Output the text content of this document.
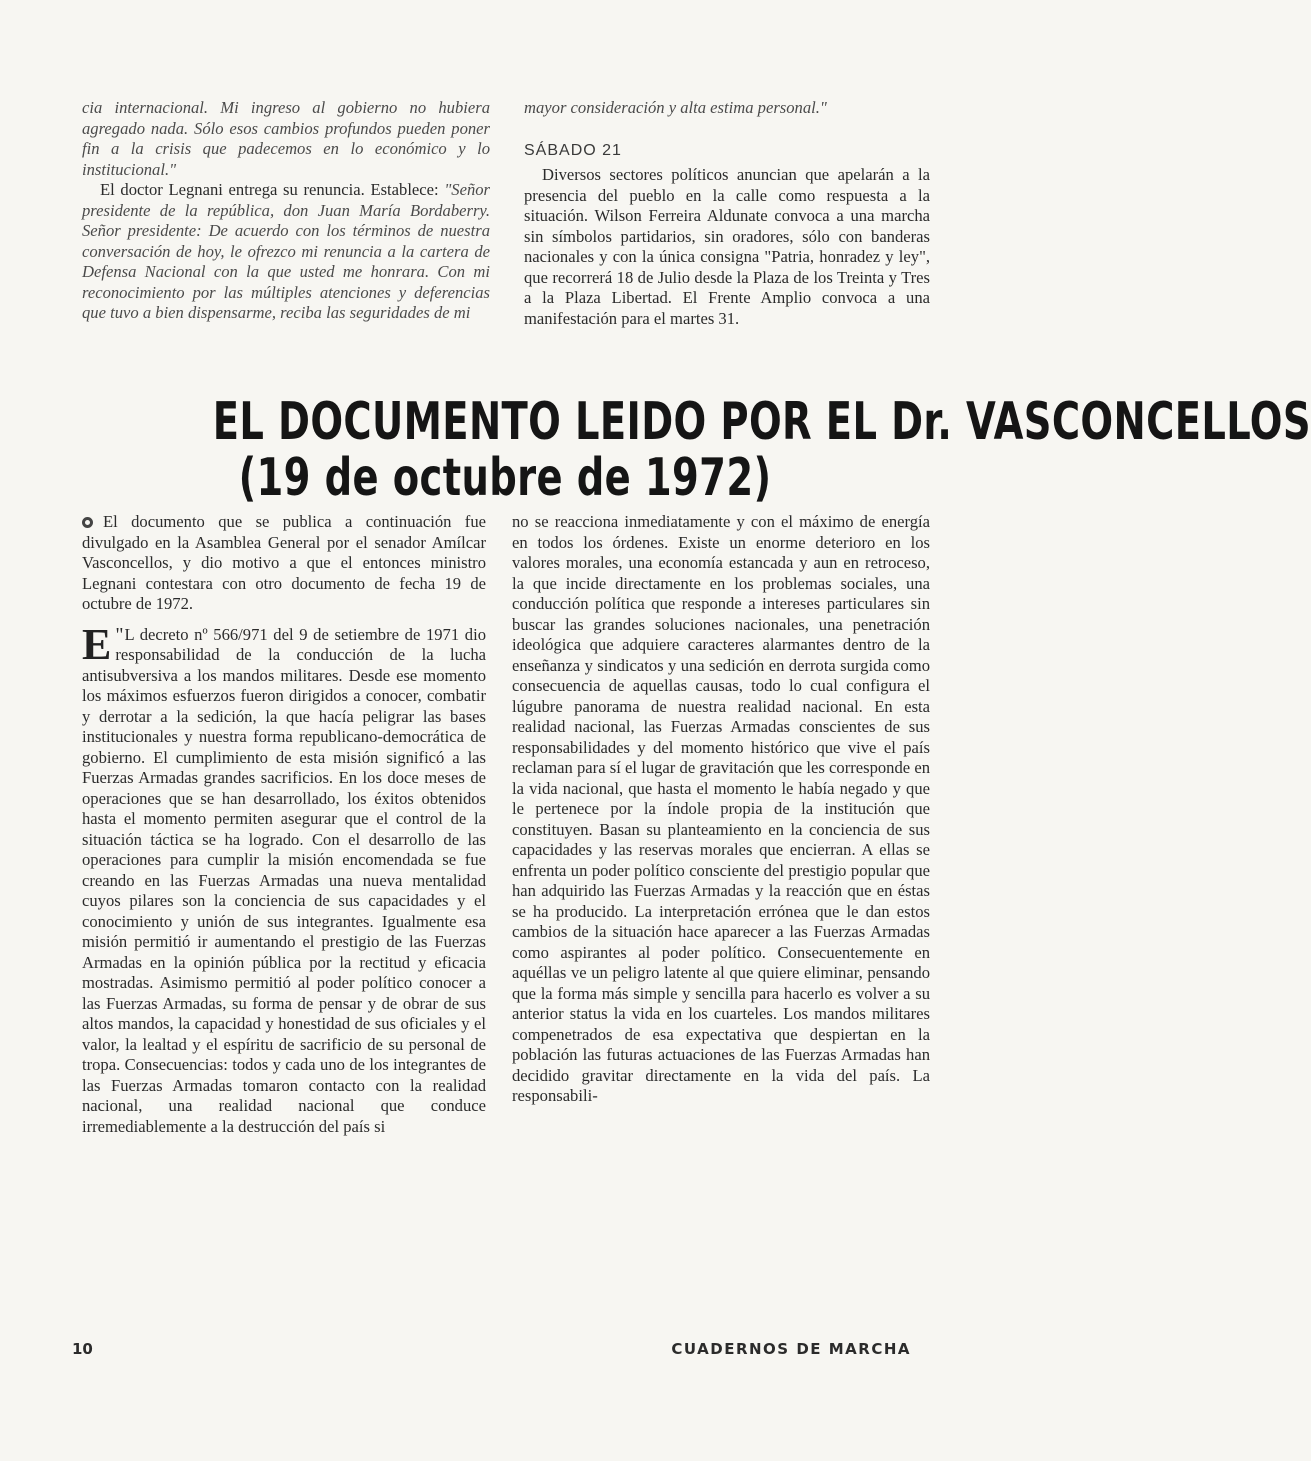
cia internacional. Mi ingreso al gobierno no hubiera agregado nada. Sólo esos cambios profundos pueden poner fin a la crisis que padecemos en lo económico y lo institucional."

El doctor Legnani entrega su renuncia. Establece: "Señor presidente de la república, don Juan María Bordaberry. Señor presidente: De acuerdo con los términos de nuestra conversación de hoy, le ofrezco mi renuncia a la cartera de Defensa Nacional con la que usted me honrara. Con mi reconocimiento por las múltiples atenciones y deferencias que tuvo a bien dispensarme, reciba las seguridades de mi

mayor consideración y alta estima personal."

SÁBADO 21

Diversos sectores políticos anuncian que apelarán a la presencia del pueblo en la calle como respuesta a la situación. Wilson Ferreira Aldunate convoca a una marcha sin símbolos partidarios, sin oradores, sólo con banderas nacionales y con la única consigna "Patria, honradez y ley", que recorrerá 18 de Julio desde la Plaza de los Treinta y Tres a la Plaza Libertad. El Frente Amplio convoca a una manifestación para el martes 31.

EL DOCUMENTO LEIDO POR EL Dr. VASCONCELLOS
(19 de octubre de 1972)

El documento que se publica a continuación fue divulgado en la Asamblea General por el senador Amílcar Vasconcellos, y dio motivo a que el entonces ministro Legnani contestara con otro documento de fecha 19 de octubre de 1972.

"
E L decreto nº 566/971 del 9 de setiembre de 1971 dio responsabilidad de la conducción de la lucha antisubversiva a los mandos militares. Desde ese momento los máximos esfuerzos fueron dirigidos a conocer, combatir y derrotar a la sedición, la que hacía peligrar las bases institucionales y nuestra forma republicano-democrática de gobierno. El cumplimiento de esta misión significó a las Fuerzas Armadas grandes sacrificios. En los doce meses de operaciones que se han desarrollado, los éxitos obtenidos hasta el momento permiten asegurar que el control de la situación táctica se ha logrado. Con el desarrollo de las operaciones para cumplir la misión encomendada se fue creando en las Fuerzas Armadas una nueva mentalidad cuyos pilares son la conciencia de sus capacidades y el conocimiento y unión de sus integrantes. Igualmente esa misión permitió ir aumentando el prestigio de las Fuerzas Armadas en la opinión pública por la rectitud y eficacia mostradas. Asimismo permitió al poder político conocer a las Fuerzas Armadas, su forma de pensar y de obrar de sus altos mandos, la capacidad y honestidad de sus oficiales y el valor, la lealtad y el espíritu de sacrificio de su personal de tropa. Consecuencias: todos y cada uno de los integrantes de las Fuerzas Armadas tomaron contacto con la realidad nacional, una realidad nacional que conduce irremediablemente a la destrucción del país si

no se reacciona inmediatamente y con el máximo de energía en todos los órdenes. Existe un enorme deterioro en los valores morales, una economía estancada y aun en retroceso, la que incide directamente en los problemas sociales, una conducción política que responde a intereses particulares sin buscar las grandes soluciones nacionales, una penetración ideológica que adquiere caracteres alarmantes dentro de la enseñanza y sindicatos y una sedición en derrota surgida como consecuencia de aquellas causas, todo lo cual configura el lúgubre panorama de nuestra realidad nacional. En esta realidad nacional, las Fuerzas Armadas conscientes de sus responsabilidades y del momento histórico que vive el país reclaman para sí el lugar de gravitación que les corresponde en la vida nacional, que hasta el momento le había negado y que le pertenece por la índole propia de la institución que constituyen. Basan su planteamiento en la conciencia de sus capacidades y las reservas morales que encierran. A ellas se enfrenta un poder político consciente del prestigio popular que han adquirido las Fuerzas Armadas y la reacción que en éstas se ha producido. La interpretación errónea que le dan estos cambios de la situación hace aparecer a las Fuerzas Armadas como aspirantes al poder político. Consecuentemente en aquéllas ve un peligro latente al que quiere eliminar, pensando que la forma más simple y sencilla para hacerlo es volver a su anterior status la vida en los cuarteles. Los mandos militares compenetrados de esa expectativa que despiertan en la población las futuras actuaciones de las Fuerzas Armadas han decidido gravitar directamente en la vida del país. La responsabili-

10	CUADERNOS DE MARCHA
